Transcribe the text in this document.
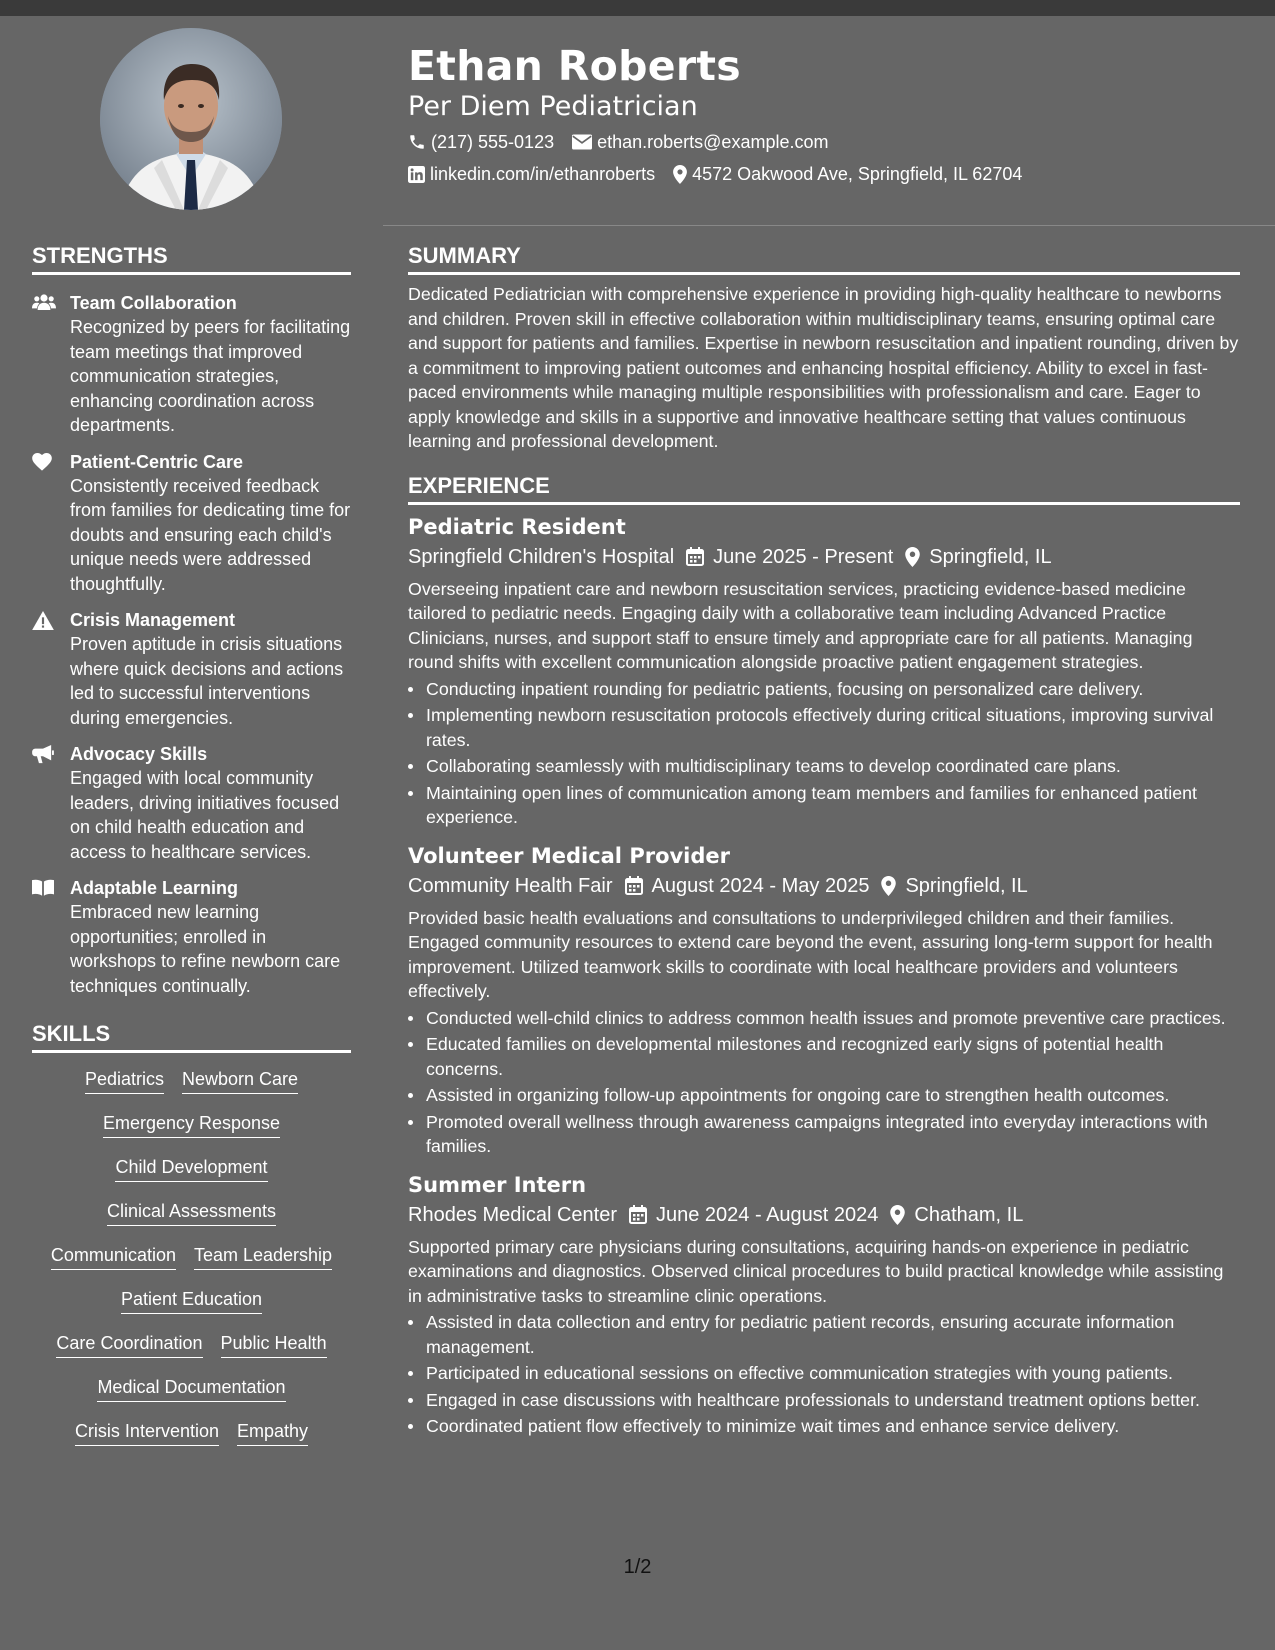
Ethan Roberts
Per Diem Pediatrician
(217) 555-0123 ethan.roberts@example.com
linkedin.com/in/ethanroberts 4572 Oakwood Ave, Springfield, IL 62704
STRENGTHS
Team Collaboration
Recognized by peers for facilitating team meetings that improved communication strategies, enhancing coordination across departments.
Patient-Centric Care
Consistently received feedback from families for dedicating time for doubts and ensuring each child's unique needs were addressed thoughtfully.
Crisis Management
Proven aptitude in crisis situations where quick decisions and actions led to successful interventions during emergencies.
Advocacy Skills
Engaged with local community leaders, driving initiatives focused on child health education and access to healthcare services.
Adaptable Learning
Embraced new learning opportunities; enrolled in workshops to refine newborn care techniques continually.
SKILLS
Pediatrics Newborn Care
Emergency Response
Child Development
Clinical Assessments
Communication Team Leadership
Patient Education
Care Coordination Public Health
Medical Documentation
Crisis Intervention Empathy
SUMMARY
Dedicated Pediatrician with comprehensive experience in providing high-quality healthcare to newborns and children. Proven skill in effective collaboration within multidisciplinary teams, ensuring optimal care and support for patients and families. Expertise in newborn resuscitation and inpatient rounding, driven by a commitment to improving patient outcomes and enhancing hospital efficiency. Ability to excel in fast-paced environments while managing multiple responsibilities with professionalism and care. Eager to apply knowledge and skills in a supportive and innovative healthcare setting that values continuous learning and professional development.
EXPERIENCE
Pediatric Resident
Springfield Children's Hospital June 2025 - Present Springfield, IL
Overseeing inpatient care and newborn resuscitation services, practicing evidence-based medicine tailored to pediatric needs. Engaging daily with a collaborative team including Advanced Practice Clinicians, nurses, and support staff to ensure timely and appropriate care for all patients. Managing round shifts with excellent communication alongside proactive patient engagement strategies.
Conducting inpatient rounding for pediatric patients, focusing on personalized care delivery.
Implementing newborn resuscitation protocols effectively during critical situations, improving survival rates.
Collaborating seamlessly with multidisciplinary teams to develop coordinated care plans.
Maintaining open lines of communication among team members and families for enhanced patient experience.
Volunteer Medical Provider
Community Health Fair August 2024 - May 2025 Springfield, IL
Provided basic health evaluations and consultations to underprivileged children and their families. Engaged community resources to extend care beyond the event, assuring long-term support for health improvement. Utilized teamwork skills to coordinate with local healthcare providers and volunteers effectively.
Conducted well-child clinics to address common health issues and promote preventive care practices.
Educated families on developmental milestones and recognized early signs of potential health concerns.
Assisted in organizing follow-up appointments for ongoing care to strengthen health outcomes.
Promoted overall wellness through awareness campaigns integrated into everyday interactions with families.
Summer Intern
Rhodes Medical Center June 2024 - August 2024 Chatham, IL
Supported primary care physicians during consultations, acquiring hands-on experience in pediatric examinations and diagnostics. Observed clinical procedures to build practical knowledge while assisting in administrative tasks to streamline clinic operations.
Assisted in data collection and entry for pediatric patient records, ensuring accurate information management.
Participated in educational sessions on effective communication strategies with young patients.
Engaged in case discussions with healthcare professionals to understand treatment options better.
Coordinated patient flow effectively to minimize wait times and enhance service delivery.
1/2
